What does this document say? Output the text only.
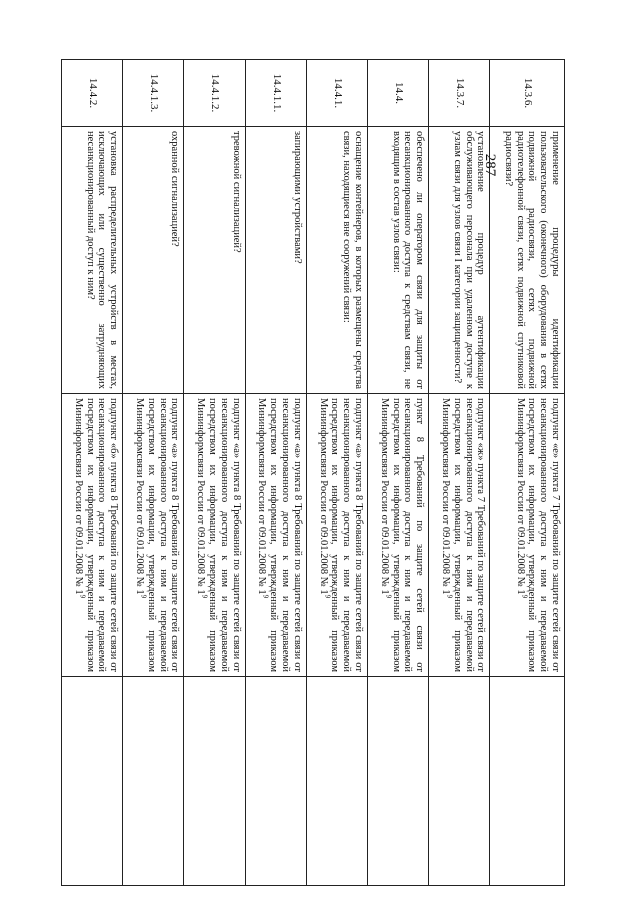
287
14.3.6.	применение процедуры идентификации пользовательского (оконечного) оборудования в сетях подвижной радиосвязи, сетях подвижной радиотелефонной связи, сетях подвижной спутниковой радиосвязи?	подпункт «е» пункта 7 Требований по защите сетей связи от несанкционированного доступа к ним и передаваемой посредством их информации, утвержденный приказом Мининформсвязи России от 09.01.2008 № $1^9$	
14.3.7.	установление процедур аутентификации обслуживающего персонала при удаленном доступе к узлам связи для узлов связи I категории защищенности?	подпункт «ж» пункта 7 Требований по защите сетей связи от несанкционированного доступа к ним и передаваемой посредством их информации, утвержденный приказом Мининформсвязи России от 09.01.2008 № $1^9$	
14.4.	обеспечено ли оператором связи для защиты от несанкционированного доступа к средствам связи, не входящим в состав узлов связи:	пункт 8 Требований по защите сетей связи от несанкционированного доступа к ним и передаваемой посредством их информации, утвержденный приказом Мининформсвязи России от 09.01.2008 № $1^9$	
14.4.1.	оснащение контейнеров, в которых размещены средства связи, находящиеся вне сооружений связи:	подпункт «а» пункта 8 Требований по защите сетей связи от несанкционированного доступа к ним и передаваемой посредством их информации, утвержденный приказом Мининформсвязи России от 09.01.2008 № $1^9$	
14.4.1.1.	запирающими устройствами?	подпункт «а» пункта 8 Требований по защите сетей связи от несанкционированного доступа к ним и передаваемой посредством их информации, утвержденный приказом Мининформсвязи России от 09.01.2008 № $1^9$	
14.4.1.2.	тревожной сигнализацией?	подпункт «а» пункта 8 Требований по защите сетей связи от несанкционированного доступа к ним и передаваемой посредством их информации, утвержденный приказом Мининформсвязи России от 09.01.2008 № $1^9$	
14.4.1.3.	охранной сигнализацией?	подпункт «а» пункта 8 Требований по защите сетей связи от несанкционированного доступа к ним и передаваемой посредством их информации, утвержденный приказом Мининформсвязи России от 09.01.2008 № $1^9$	
14.4.2.	установка распределительных устройств в местах, исключающих или существенно затрудняющих несанкционированный доступ к ним?	подпункт «б» пункта 8 Требований по защите сетей связи от несанкционированного доступа к ним и передаваемой посредством их информации, утвержденный приказом Мининформсвязи России от 09.01.2008 № $1^9$	
